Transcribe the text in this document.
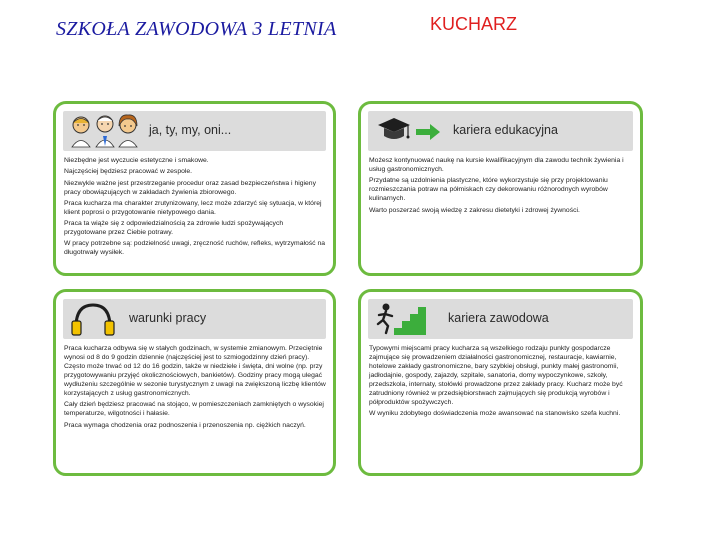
SZKOŁA ZAWODOWA 3 LETNIA	KUCHARZ
ja, ty, my, oni...

Niezbędne jest wyczucie estetyczne i smakowe.

Najczęściej będziesz pracować w zespole.

Niezwykle ważne jest przestrzeganie procedur oraz zasad bezpieczeństwa i higieny pracy obowiązujących w zakładach żywienia zbiorowego.

Praca kucharza ma charakter zrutynizowany, lecz może zdarzyć się sytuacja, w której klient poprosi o przygotowanie nietypowego dania.

Praca ta wiąże się z odpowiedzialnością za zdrowie ludzi spożywających przygotowane przez Ciebie potrawy.

W pracy potrzebne są: podzielność uwagi, zręczność ruchów, refleks, wytrzymałość na długotrwały wysiłek.

kariera edukacyjna

Możesz kontynuować naukę na kursie kwalifikacyjnym dla zawodu technik żywienia i usług gastronomicznych.

Przydatne są uzdolnienia plastyczne, które wykorzystuje się przy projektowaniu rozmieszczania potraw na półmiskach czy dekorowaniu różnorodnych wyrobów kulinarnych.

Warto poszerzać swoją wiedzę z zakresu dietetyki i zdrowej żywności.

warunki pracy

Praca kucharza odbywa się w stałych godzinach, w systemie zmianowym. Przeciętnie wynosi od 8 do 9 godzin dziennie (najczęściej jest to szmiogodzinny dzień pracy). Często może trwać od 12 do 16 godzin, także w niedziele i święta, dni wolne (np. przy przygotowywaniu przyjęć okolicznościowych, bankietów). Godziny pracy mogą ulegać wydłużeniu szczególnie w sezonie turystycznym z uwagi na zwiększoną liczbę klientów korzystających z usług gastronomicznych.

Cały dzień będziesz pracować na stojąco, w pomieszczeniach zamkniętych o wysokiej temperaturze, wilgotności i hałasie.

Praca wymaga chodzenia oraz podnoszenia i przenoszenia np. ciężkich naczyń.

kariera zawodowa

Typowymi miejscami pracy kucharza są wszelkiego rodzaju punkty gospodarcze zajmujące się prowadzeniem działalności gastronomicznej, restauracje, kawiarnie, hotelowe zakłady gastronomiczne, bary szybkiej obsługi, punkty małej gastronomii, jadłodajnie, gospody, zajazdy, szpitale, sanatoria, domy wypoczynkowe, szkoły, przedszkola, internaty, stołówki prowadzone przez zakłady pracy. Kucharz może być zatrudniony również w przedsiębiorstwach zajmujących się produkcją wyrobów i półproduktów spożywczych.

W wyniku zdobytego doświadczenia może awansować na stanowisko szefa kuchni.
